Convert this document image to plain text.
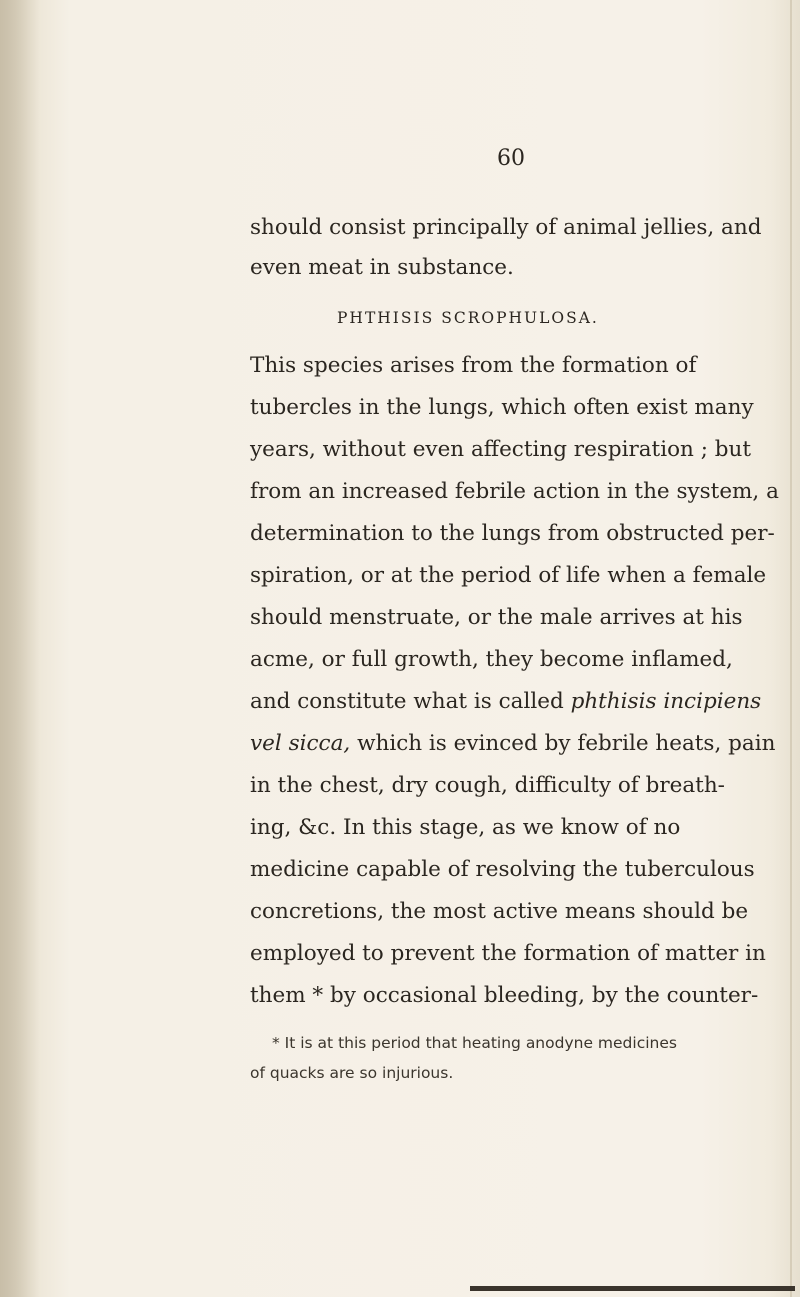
60
should consist principally of animal jellies, and
even meat in substance.
PHTHISIS SCROPHULOSA.
This species arises from the formation of
tubercles in the lungs, which often exist many
years, without even affecting respiration ; but
from an increased febrile action in the system, a
determination to the lungs from obstructed per-
spiration, or at the period of life when a female
should menstruate, or the male arrives at his
acme, or full growth, they become inflamed,
and constitute what is called phthisis incipiens
vel sicca, which is evinced by febrile heats, pain
in the chest, dry cough, difficulty of breath-
ing, &c. In this stage, as we know of no
medicine capable of resolving the tuberculous
concretions, the most active means should be
employed to prevent the formation of matter in
them * by occasional bleeding, by the counter-
* It is at this period that heating anodyne medicines
of quacks are so injurious.
